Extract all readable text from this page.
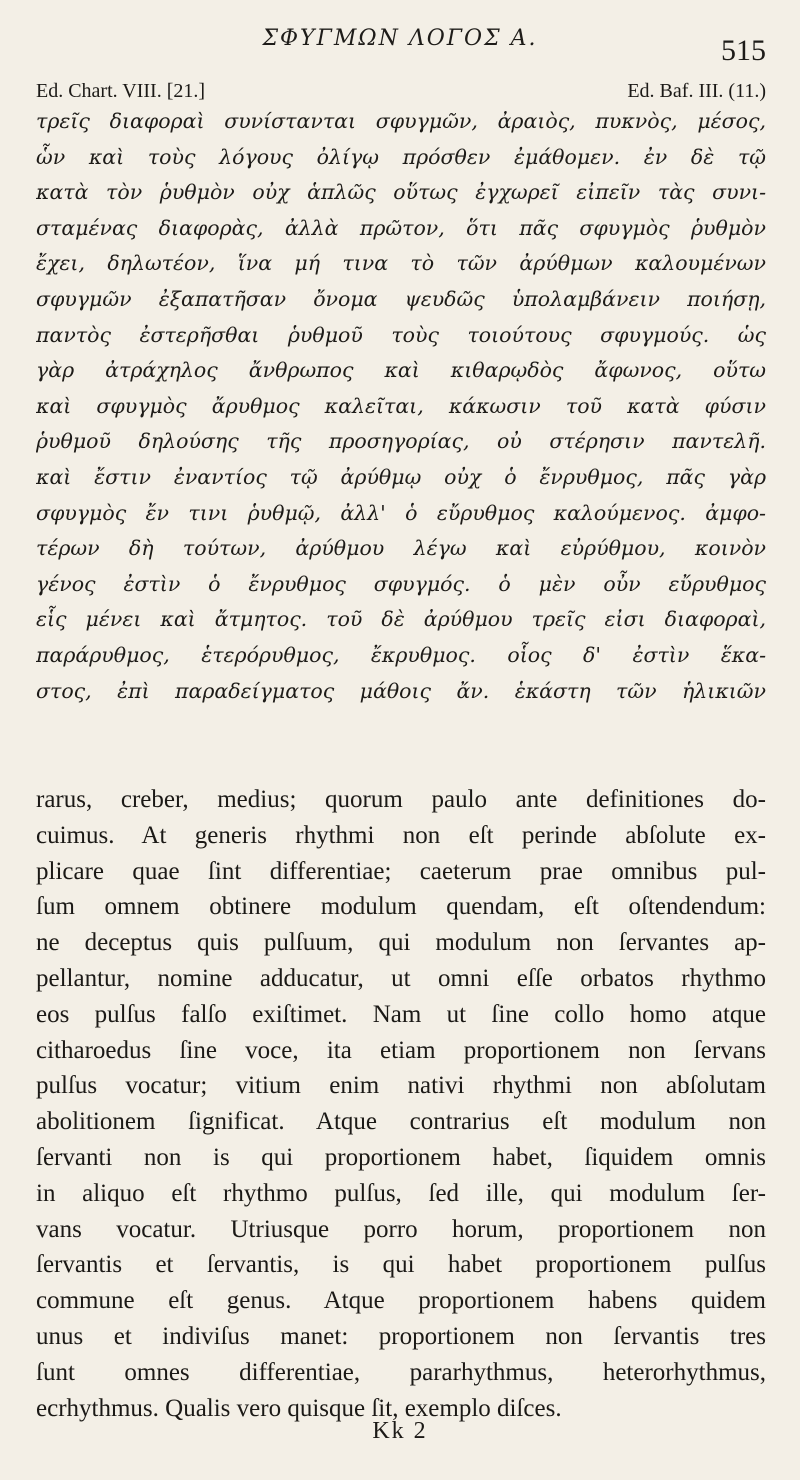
ΣΦΥΓΜΩΝ ΛΟΓΟΣ Α.	515
Ed. Chart. VIII. [21.]	Ed. Baf. III. (11.)
τρεῖς διαφοραὶ συνίστανται σφυγμῶν, ἀραιὸς, πυκνὸς, μέσος,
ὧν καὶ τοὺς λόγους ὀλίγῳ πρόσθεν ἐμάθομεν. ἐν δὲ τῷ
κατὰ τὸν ῥυθμὸν οὐχ ἁπλῶς οὕτως ἐγχωρεῖ εἰπεῖν τὰς συνι-
σταμένας διαφορὰς, ἀλλὰ πρῶτον, ὅτι πᾶς σφυγμὸς ῥυθμὸν
ἔχει, δηλωτέον, ἵνα μή τινα τὸ τῶν ἀρύθμων καλουμένων
σφυγμῶν ἐξαπατῆσαν ὄνομα ψευδῶς ὑπολαμβάνειν ποιήσῃ,
παντὸς ἐστερῆσθαι ῥυθμοῦ τοὺς τοιούτους σφυγμούς. ὡς
γὰρ ἀτράχηλος ἄνθρωπος καὶ κιθαρῳδὸς ἄφωνος, οὕτω
καὶ σφυγμὸς ἄρυθμος καλεῖται, κάκωσιν τοῦ κατὰ φύσιν
ῥυθμοῦ δηλούσης τῆς προσηγορίας, οὐ στέρησιν παντελῆ.
καὶ ἔστιν ἐναντίος τῷ ἀρύθμῳ οὐχ ὁ ἔνρυθμος, πᾶς γὰρ
σφυγμὸς ἔν τινι ῥυθμῷ, ἀλλ' ὁ εὔρυθμος καλούμενος. ἀμφο-
τέρων δὴ τούτων, ἀρύθμου λέγω καὶ εὐρύθμου, κοινὸν
γένος ἐστὶν ὁ ἔνρυθμος σφυγμός. ὁ μὲν οὖν εὔρυθμος
εἷς μένει καὶ ἄτμητος. τοῦ δὲ ἀρύθμου τρεῖς εἰσι διαφοραὶ,
παράρυθμος, ἑτερόρυθμος, ἔκρυθμος. οἷος δ' ἐστὶν ἕκα-
στος, ἐπὶ παραδείγματος μάθοις ἄν. ἑκάστη τῶν ἡλικιῶν
rarus, creber, medius; quorum paulo ante definitiones do-
cuimus. At generis rhythmi non eſt perinde abſolute ex-
plicare quae ſint differentiae; caeterum prae omnibus pul-
ſum omnem obtinere modulum quendam, eſt oſtendendum:
ne deceptus quis pulſuum, qui modulum non ſervantes ap-
pellantur, nomine adducatur, ut omni eſſe orbatos rhythmo
eos pulſus falſo exiſtimet. Nam ut ſine collo homo atque
citharoedus ſine voce, ita etiam proportionem non ſervans
pulſus vocatur; vitium enim nativi rhythmi non abſolutam
abolitionem ſignificat. Atque contrarius eſt modulum non
ſervanti non is qui proportionem habet, ſiquidem omnis
in aliquo eſt rhythmo pulſus, ſed ille, qui modulum ſer-
vans vocatur. Utriusque porro horum, proportionem non
ſervantis et ſervantis, is qui habet proportionem pulſus
commune eſt genus. Atque proportionem habens quidem
unus et indiviſus manet: proportionem non ſervantis tres
ſunt omnes differentiae, pararhythmus, heterorhythmus,
ecrhythmus. Qualis vero quisque ſit, exemplo diſces.
Kk 2
